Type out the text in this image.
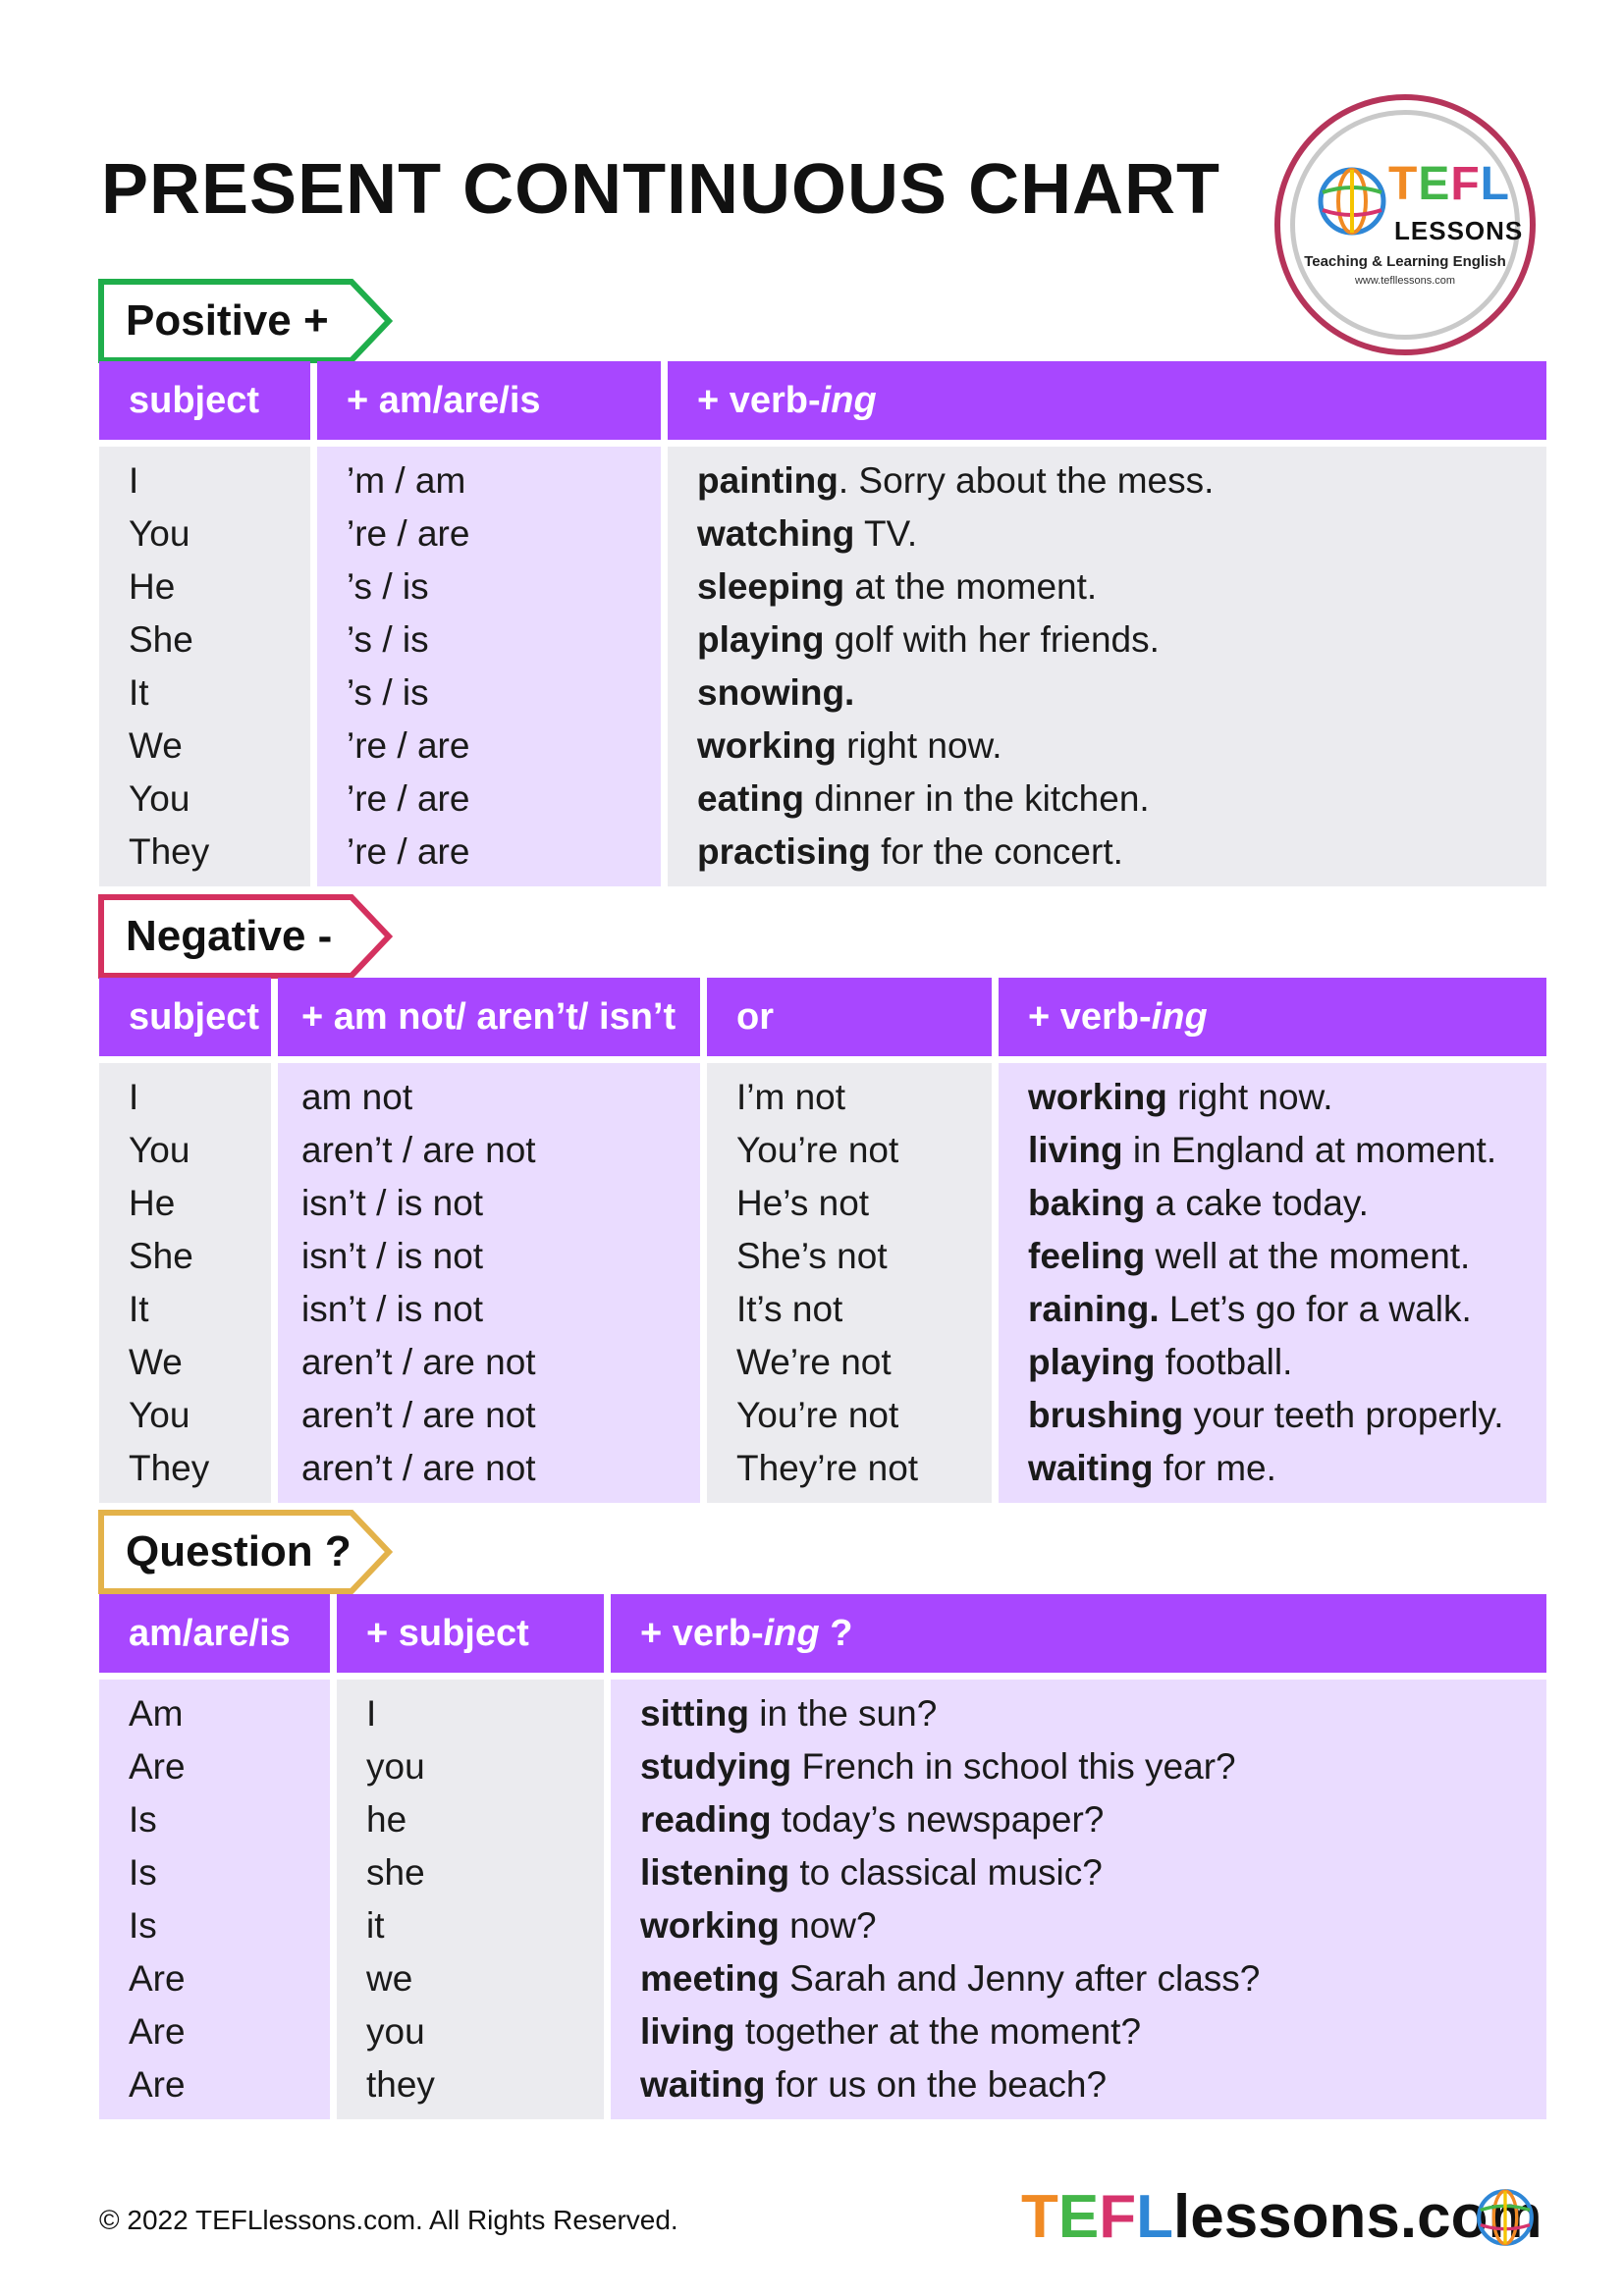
PRESENT CONTINUOUS CHART	TEFL
LESSONS
Teaching & Learning English
www.tefllessons.com
Positive +
subject	+ am/are/is	+ verb-ing

I	’m / am	painting. Sorry about the mess.
You	’re / are	watching TV.
He	’s / is	sleeping at the moment.
She	’s / is	playing golf with her friends.
It	’s / is	snowing.
We	’re / are	working right now.
You	’re / are	eating dinner in the kitchen.
They	’re / are	practising for the concert.
Negative -
subject	+ am not/ aren’t/ isn’t	or	+ verb-ing

I	am not	I’m not	working right now.
You	aren’t / are not	You’re not	living in England at moment.
He	isn’t / is not	He’s not	baking a cake today.
She	isn’t / is not	She’s not	feeling well at the moment.
It	isn’t / is not	It’s not	raining. Let’s go for a walk.
We	aren’t / are not	We’re not	playing football.
You	aren’t / are not	You’re not	brushing your teeth properly.
They	aren’t / are not	They’re not	waiting for me.
Question ?
am/are/is	+ subject	+ verb-ing ?

Am	I	sitting in the sun?
Are	you	studying French in school this year?
Is	he	reading today’s newspaper?
Is	she	listening to classical music?
Is	it	working now?
Are	we	meeting Sarah and Jenny after class?
Are	you	living together at the moment?
Are	they	waiting for us on the beach?
© 2022 TEFLlessons.com. All Rights Reserved.	TEFLlessons.com
